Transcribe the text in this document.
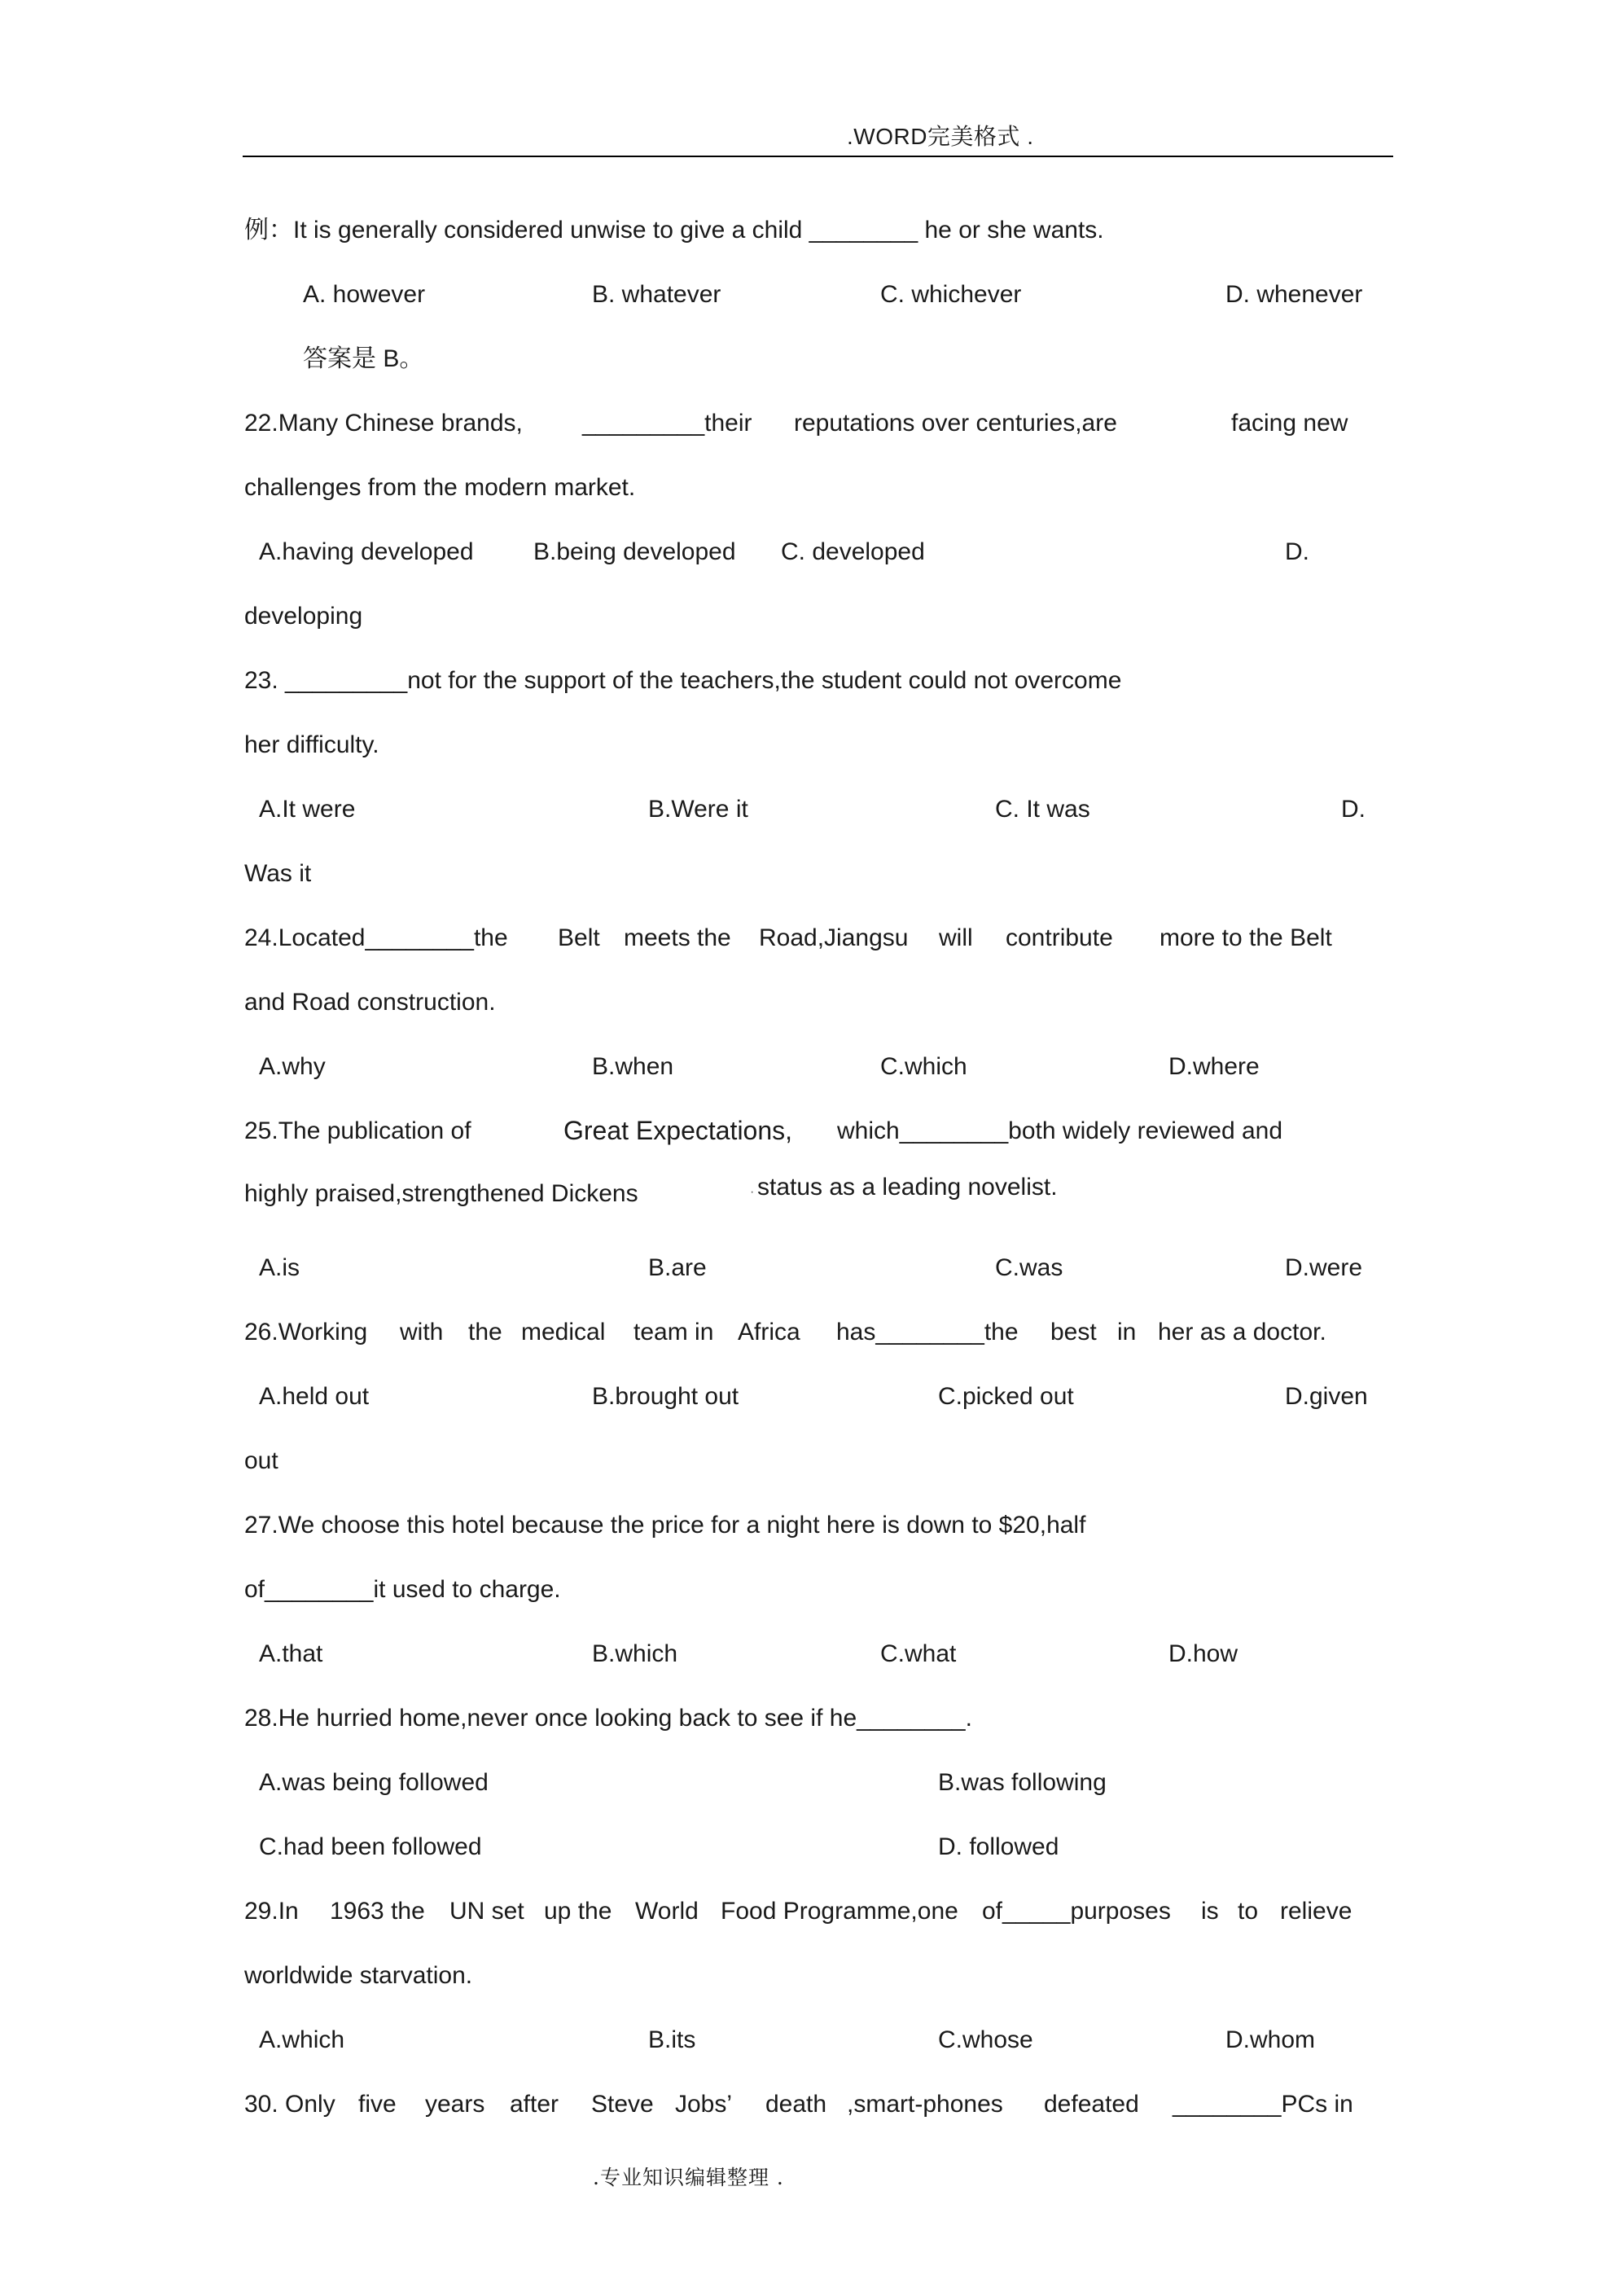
.WORD完美格式 .
例：It is generally considered unwise to give a child ________ he or she wants.
A. however	B. whatever	C. whichever	D. whenever
答案是 B。
22.Many Chinese brands, _________their reputations over centuries,are	facing new
challenges from the modern market.
A.having developed B.being developed C. developed	D.
developing
23. _________not for the support of the teachers,the student could not overcome
her difficulty.
A.It were	B.Were it	C. It was	D.
Was it
24.Located________the Belt meets the Road,Jiangsu will contribute more to the Belt
and Road construction.
A.why	B.when	C.which	D.where
25.The publication of	Great Expectations, which________both widely reviewed and
highly praised,strengthened Dickens	· status as a leading novelist.
A.is	B.are	C.was	D.were
26.Working with the medical team in Africa has________the best in her as a doctor.
A.held out	B.brought out	C.picked out	D.given
out
27.We choose this hotel because the price for a night here is down to $20,half
of________it used to charge.
A.that	B.which	C.what	D.how
28.He hurried home,never once looking back to see if he________.
A.was being followed	B.was following
C.had been followed	D. followed
29.In 1963 the UN set up the World Food Programme,one of_____purposes is to relieve
worldwide starvation.
A.which	B.its	C.whose	D.whom
30. Only five years after Steve Jobs’ death ,smart-phones defeated ________PCs in
.专业知识编辑整理 .
